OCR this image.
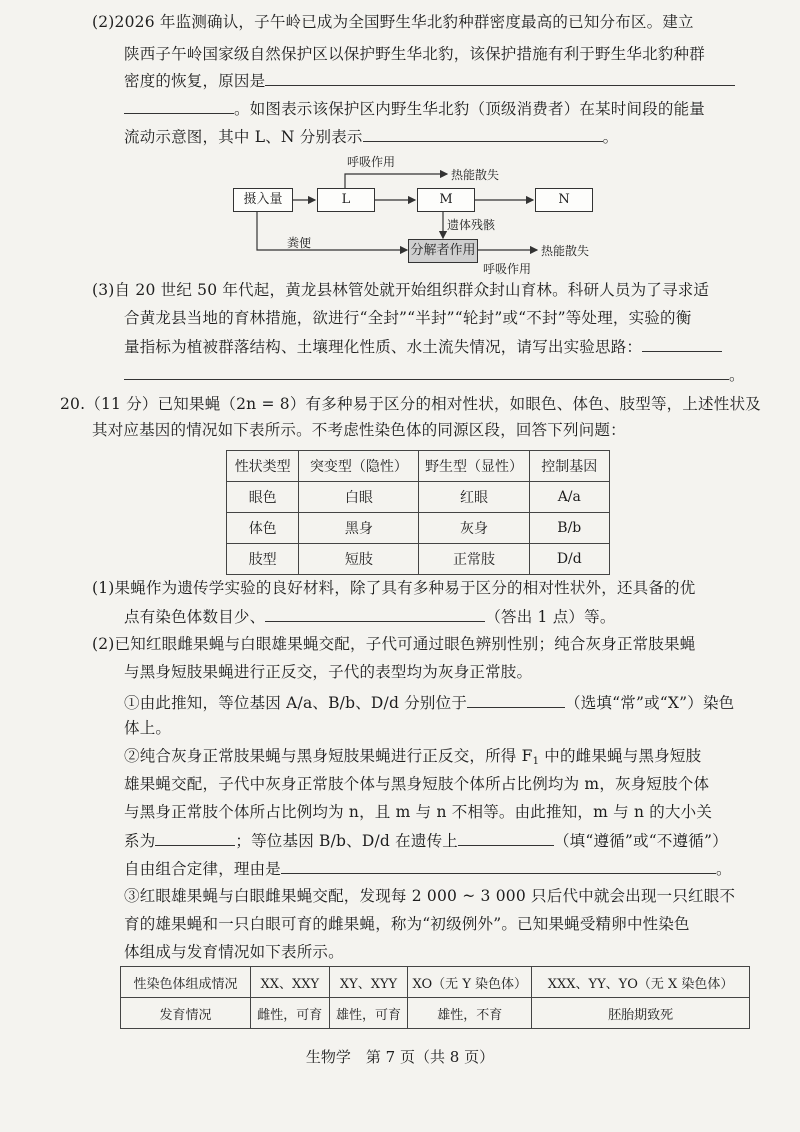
(2)2026 年监测确认，子午岭已成为全国野生华北豹种群密度最高的已知分布区。建立
陕西子午岭国家级自然保护区以保护野生华北豹，该保护措施有利于野生华北豹种群
密度的恢复，原因是
。如图表示该保护区内野生华北豹（顶级消费者）在某时间段的能量
流动示意图，其中 L、N 分别表示	。
摄入量	L	M	N
分解者作用
呼吸作用
热能散失
遗体残骸
粪便
热能散失
呼吸作用
(3)自 20 世纪 50 年代起，黄龙县林管处就开始组织群众封山育林。科研人员为了寻求适
合黄龙县当地的育林措施，欲进行“全封”“半封”“轮封”或“不封”等处理，实验的衡
量指标为植被群落结构、土壤理化性质、水土流失情况，请写出实验思路：
。
20.（11 分）已知果蝇（2n = 8）有多种易于区分的相对性状，如眼色、体色、肢型等，上述性状及
其对应基因的情况如下表所示。不考虑性染色体的同源区段，回答下列问题：
性状类型	突变型（隐性）	野生型（显性）	控制基因
眼色	白眼	红眼	A/a
体色	黑身	灰身	B/b
肢型	短肢	正常肢	D/d
(1)果蝇作为遗传学实验的良好材料，除了具有多种易于区分的相对性状外，还具备的优
点有染色体数目少、	（答出 1 点）等。
(2)已知红眼雌果蝇与白眼雄果蝇交配，子代可通过眼色辨别性别；纯合灰身正常肢果蝇
与黑身短肢果蝇进行正反交，子代的表型均为灰身正常肢。
①由此推知，等位基因 A/a、B/b、D/d 分别位于	（选填“常”或“X”）染色
体上。
②纯合灰身正常肢果蝇与黑身短肢果蝇进行正反交，所得 $F_1$ 中的雌果蝇与黑身短肢
雄果蝇交配，子代中灰身正常肢个体与黑身短肢个体所占比例均为 m，灰身短肢个体
与黑身正常肢个体所占比例均为 n，且 m 与 n 不相等。由此推知，m 与 n 的大小关
系为	；等位基因 B/b、D/d 在遗传上	（填“遵循”或“不遵循”）
自由组合定律，理由是	。
③红眼雄果蝇与白眼雌果蝇交配，发现每 2 000 ~ 3 000 只后代中就会出现一只红眼不
育的雄果蝇和一只白眼可育的雌果蝇，称为“初级例外”。已知果蝇受精卵中性染色
体组成与发育情况如下表所示。
性染色体组成情况	XX、XXY	XY、XYY	XO（无 Y 染色体）	XXX、YY、YO（无 X 染色体）
发育情况	雌性，可育	雄性，可育	雄性，不育	胚胎期致死
生物学　第 7 页（共 8 页）
